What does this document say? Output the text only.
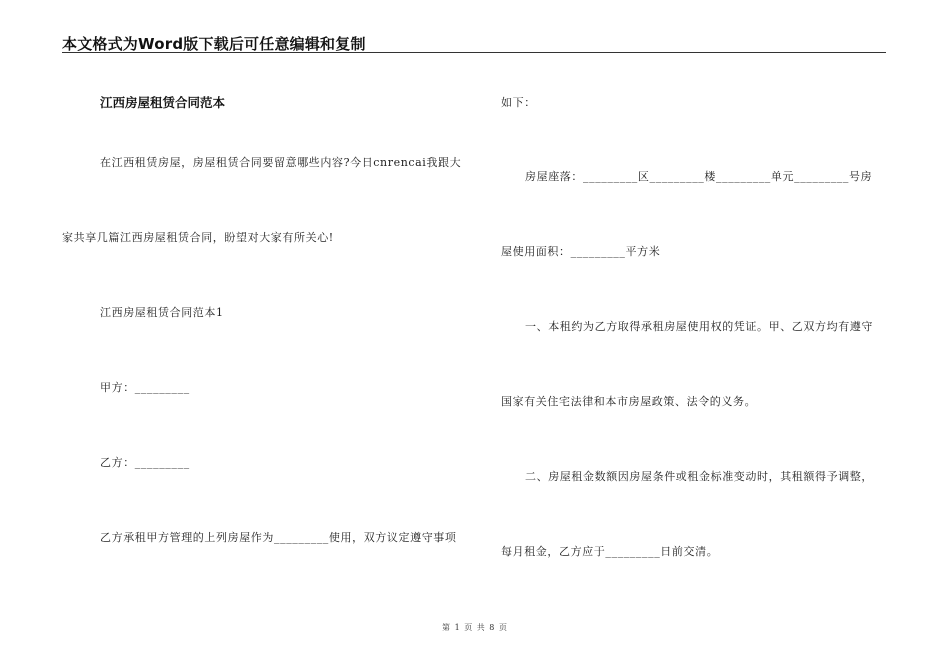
本文格式为Word版下载后可任意编辑和复制
江西房屋租赁合同范本
在江西租赁房屋，房屋租赁合同要留意哪些内容?今日cnrencai我跟大
家共享几篇江西房屋租赁合同，盼望对大家有所关心!
江西房屋租赁合同范本1
甲方：_________
乙方：_________
乙方承租甲方管理的上列房屋作为_________使用，双方议定遵守事项
如下：
房屋座落：_________区_________楼_________单元_________号房
屋使用面积：_________平方米
一、本租约为乙方取得承租房屋使用权的凭证。甲、乙双方均有遵守
国家有关住宅法律和本市房屋政策、法令的义务。
二、房屋租金数额因房屋条件或租金标准变动时，其租额得予调整，
每月租金，乙方应于_________日前交清。
第 1 页 共 8 页
